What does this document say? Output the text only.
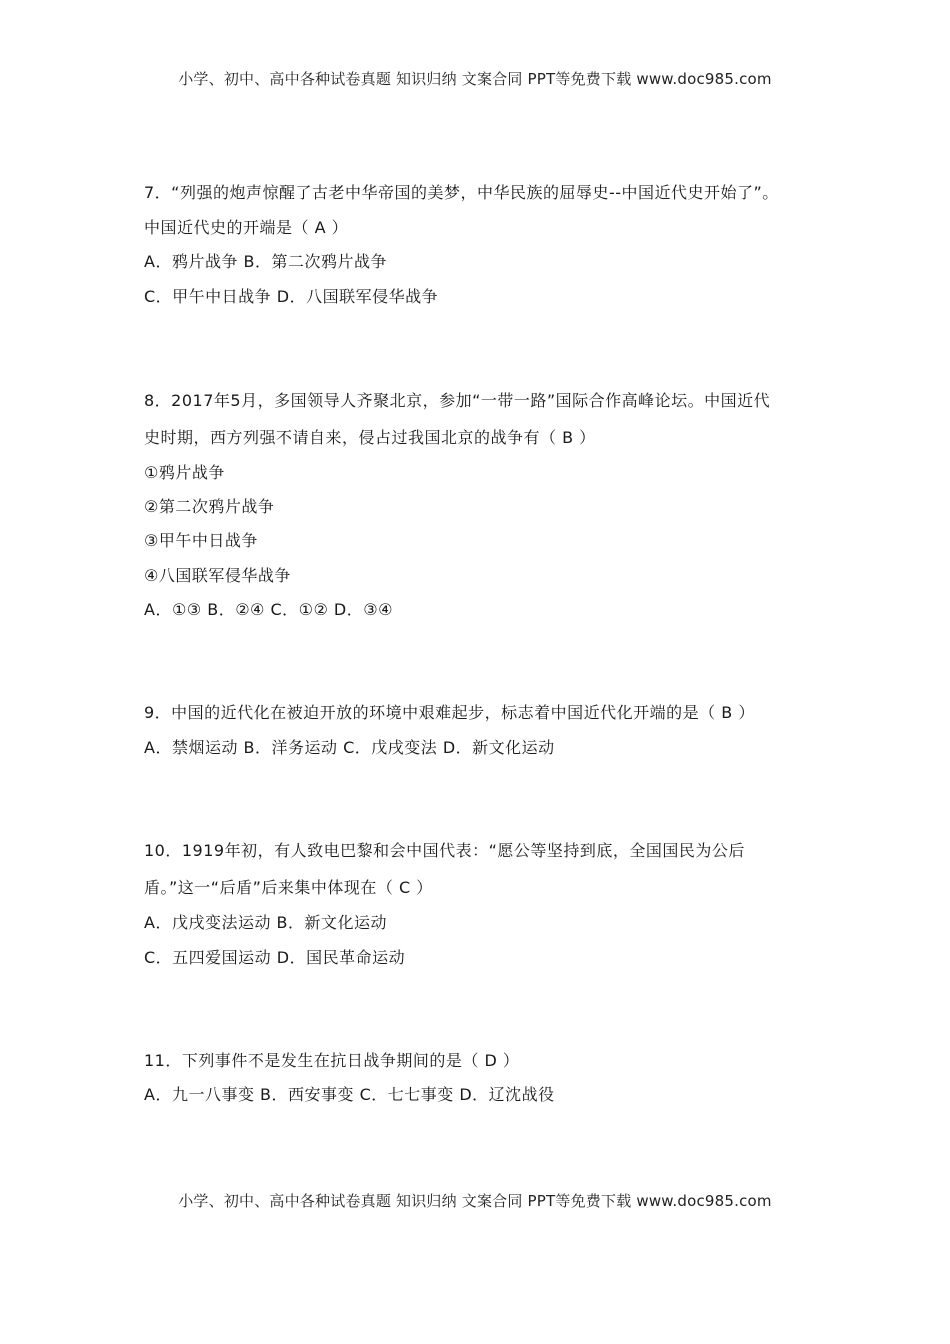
小学、初中、高中各种试卷真题 知识归纳 文案合同 PPT等免费下载 www.doc985.com
7．“列强的炮声惊醒了古老中华帝国的美梦，中华民族的屈辱史--中国近代史开始了”。
中国近代史的开端是（ A ）
A．鸦片战争 B．第二次鸦片战争
C．甲午中日战争 D．八国联军侵华战争
8．2017年5月，多国领导人齐聚北京，参加“一带一路”国际合作高峰论坛。中国近代
史时期，西方列强不请自来，侵占过我国北京的战争有（ B ）
①鸦片战争
②第二次鸦片战争
③甲午中日战争
④八国联军侵华战争
A．①③ B．②④ C．①② D．③④
9．中国的近代化在被迫开放的环境中艰难起步，标志着中国近代化开端的是（ B ）
A．禁烟运动 B．洋务运动 C．戊戌变法 D．新文化运动
10．1919年初，有人致电巴黎和会中国代表：“愿公等坚持到底，全国国民为公后
盾。”这一“后盾”后来集中体现在（ C ）
A．戊戌变法运动 B．新文化运动
C．五四爱国运动 D．国民革命运动
11．下列事件不是发生在抗日战争期间的是（ D ）
A．九一八事变 B．西安事变 C．七七事变 D．辽沈战役
小学、初中、高中各种试卷真题 知识归纳 文案合同 PPT等免费下载 www.doc985.com
